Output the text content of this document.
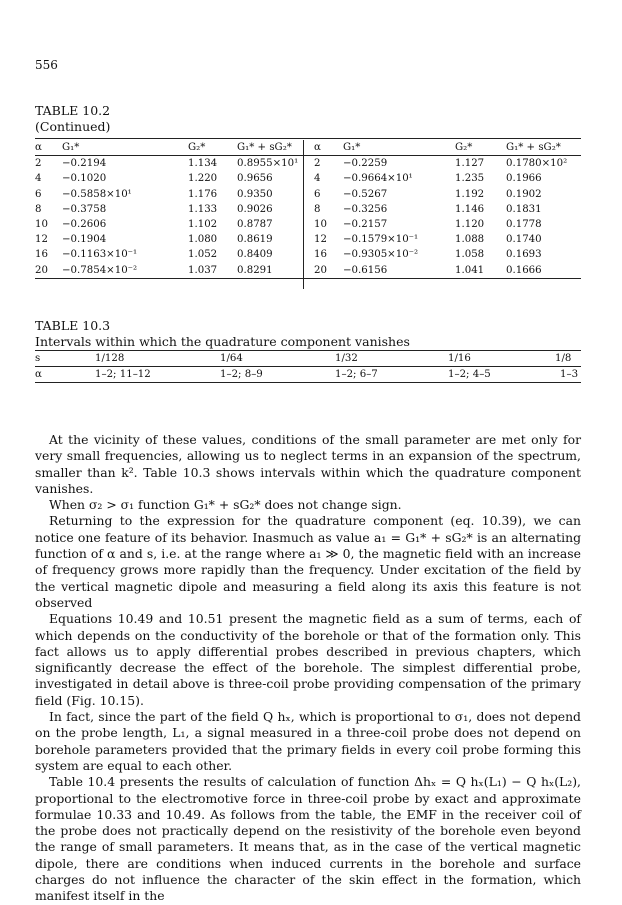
556
TABLE 10.2
(Continued)
α G₁*	G₂*	G₁* + sG₂* α G₁*	G₂*	G₁* + sG₂*
2 −0.2194	1.134 0.8955×10¹ 2 −0.2259	1.127 0.1780×10²
4 −0.1020	1.220 0.9656	4 −0.9664×10¹	1.235 0.1966
6 −0.5858×10¹	1.176 0.9350	6 −0.5267	1.192 0.1902
8 −0.3758	1.133 0.9026	8 −0.3256	1.146 0.1831
10 −0.2606	1.102 0.8787	10 −0.2157	1.120 0.1778
12 −0.1904	1.080 0.8619	12 −0.1579×10⁻¹	1.088 0.1740
16 −0.1163×10⁻¹	1.052 0.8409	16 −0.9305×10⁻²	1.058 0.1693
20 −0.7854×10⁻²	1.037 0.8291	20 −0.6156	1.041 0.1666
TABLE 10.3
Intervals within which the quadrature component vanishes
s	1/128	1/64	1/32	1/16	1/8
α	1–2; 11–12	1–2; 8–9	1–2; 6–7	1–2; 4–5	1–3

At the vicinity of these values, conditions of the small parameter are met only for very small frequencies, allowing us to neglect terms in an expansion of the spectrum, smaller than k². Table 10.3 shows intervals within which the quadrature component vanishes.

When σ₂ > σ₁ function G₁* + sG₂* does not change sign.

Returning to the expression for the quadrature component (eq. 10.39), we can notice one feature of its behavior. Inasmuch as value a₁ = G₁* + sG₂* is an alternating function of α and s, i.e. at the range where a₁ ≫ 0, the magnetic field with an increase of frequency grows more rapidly than the frequency. Under excitation of the field by the vertical magnetic dipole and measuring a field along its axis this feature is not observed

Equations 10.49 and 10.51 present the magnetic field as a sum of terms, each of which depends on the conductivity of the borehole or that of the formation only. This fact allows us to apply differential probes described in previous chapters, which significantly decrease the effect of the borehole. The simplest differential probe, investigated in detail above is three-coil probe providing compensation of the primary field (Fig. 10.15).

In fact, since the part of the field Q hₓ, which is proportional to σ₁, does not depend on the probe length, L₁, a signal measured in a three-coil probe does not depend on borehole parameters provided that the primary fields in every coil probe forming this system are equal to each other.

Table 10.4 presents the results of calculation of function Δhₓ = Q hₓ(L₁) − Q hₓ(L₂), proportional to the electromotive force in three-coil probe by exact and approximate formulae 10.33 and 10.49. As follows from the table, the EMF in the receiver coil of the probe does not practically depend on the resistivity of the borehole even beyond the range of small parameters. It means that, as in the case of the vertical magnetic dipole, there are conditions when induced currents in the borehole and surface charges do not influence the character of the skin effect in the formation, which manifest itself in the
